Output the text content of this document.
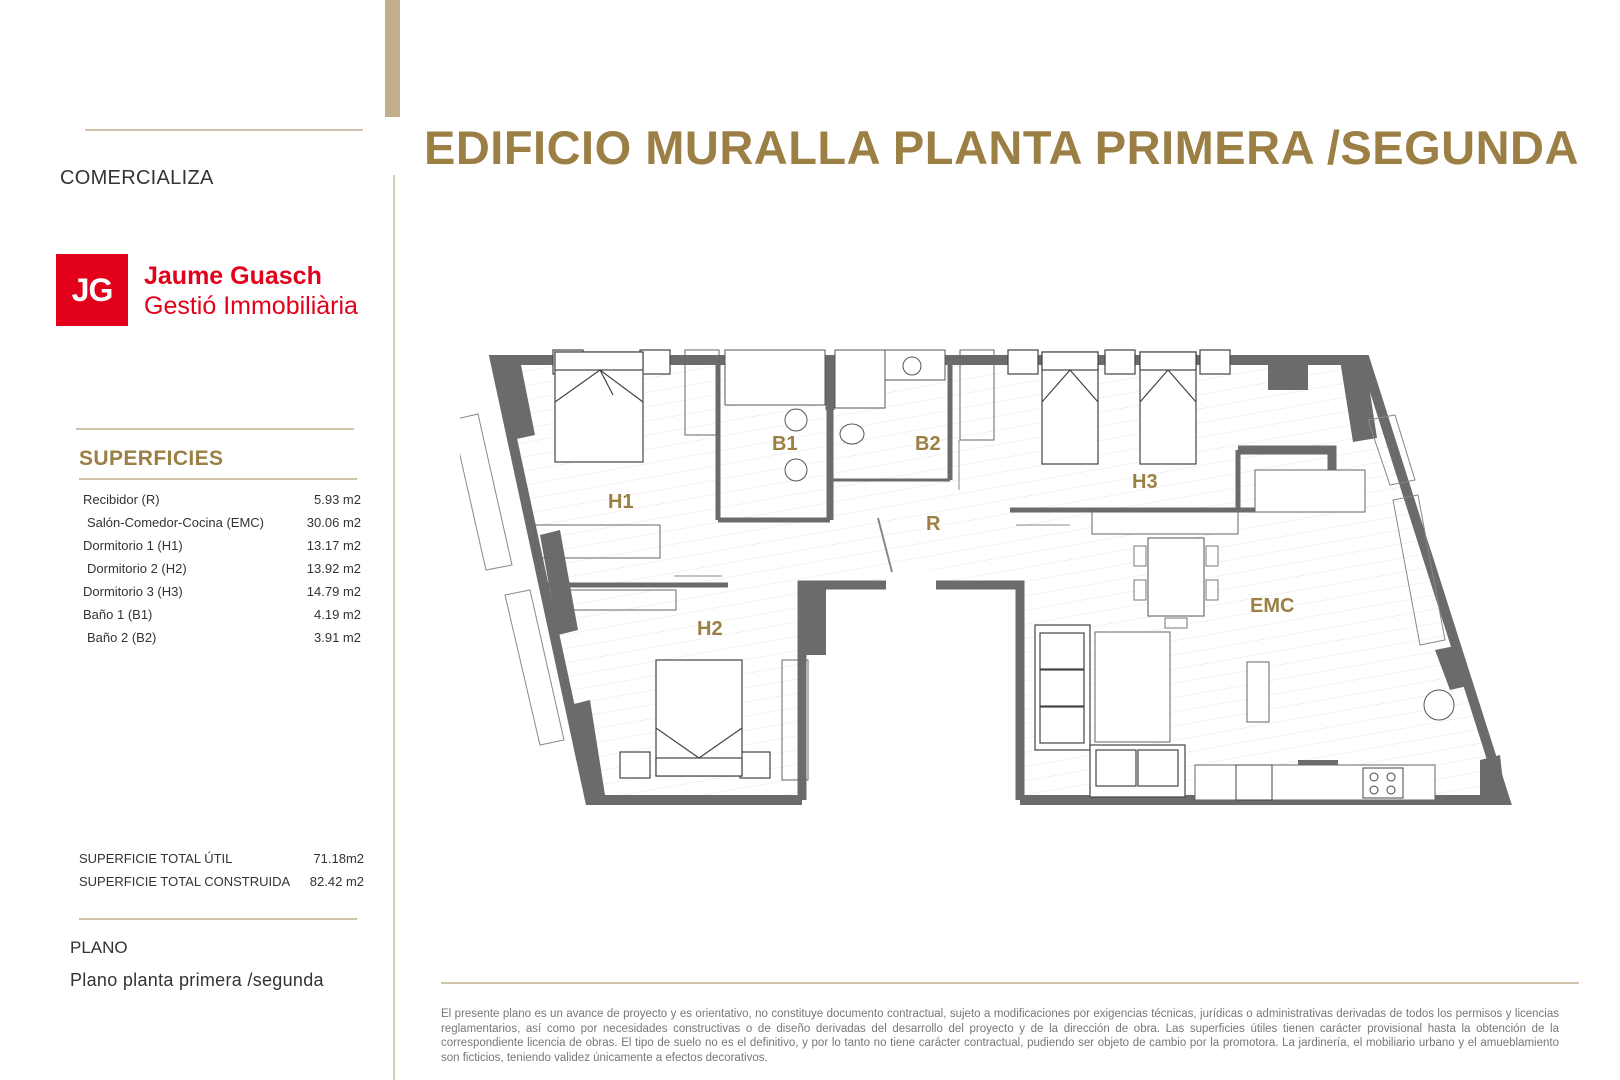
EDIFICIO MURALLA PLANTA PRIMERA /SEGUNDA
COMERCIALIZA
JG Jaume Guasch
Gestió Immobiliària
SUPERFICIES
Recibidor (R)	5.93 m2
Salón-Comedor-Cocina (EMC)	30.06 m2
Dormitorio 1 (H1)	13.17 m2
Dormitorio 2 (H2)	13.92 m2
Dormitorio 3 (H3)	14.79 m2
Baño 1 (B1)	4.19 m2
Baño 2 (B2)	3.91 m2
SUPERFICIE TOTAL ÚTIL	71.18m2
SUPERFICIE TOTAL CONSTRUIDA 82.42 m2
PLANO
Plano planta primera /segunda
H1
H2
H3
B1	B2
R
EMC
El presente plano es un avance de proyecto y es orientativo, no constituye documento contractual, sujeto a modificaciones por exigencias técnicas, jurídicas o administrativas derivadas de todos los permisos y licencias reglamentarios, así como por necesidades constructivas o de diseño derivadas del desarrollo del proyecto y de la dirección de obra. Las superficies útiles tienen carácter provisional hasta la obtención de la correspondiente licencia de obras. El tipo de suelo no es el definitivo, y por lo tanto no tiene carácter contractual, pudiendo ser objeto de cambio por la promotora. La jardinería, el mobiliario urbano y el amueblamiento son ficticios, teniendo validez únicamente a efectos decorativos.
